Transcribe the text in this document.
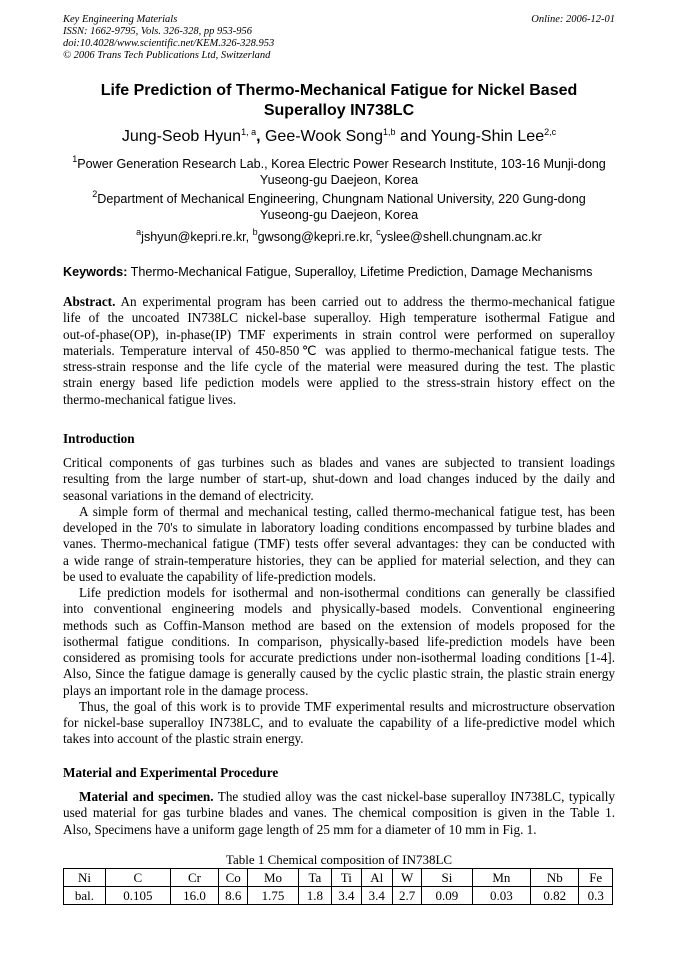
Key Engineering Materials
ISSN: 1662-9795, Vols. 326-328, pp 953-956
doi:10.4028/www.scientific.net/KEM.326-328.953
© 2006 Trans Tech Publications Ltd, Switzerland
Online: 2006-12-01
Life Prediction of Thermo-Mechanical Fatigue for Nickel Based
Superalloy IN738LC
Jung-Seob Hyun$^{1, a}$, Gee-Wook Song$^{1,b}$ and Young-Shin Lee$^{2,c}$
$^1$Power Generation Research Lab., Korea Electric Power Research Institute, 103-16 Munji-dong
Yuseong-gu Daejeon, Korea
$^2$Department of Mechanical Engineering, Chungnam National University, 220 Gung-dong
Yuseong-gu Daejeon, Korea
$^a$jshyun@kepri.re.kr, $^b$gwsong@kepri.re.kr, $^c$yslee@shell.chungnam.ac.kr
Keywords: Thermo-Mechanical Fatigue, Superalloy, Lifetime Prediction, Damage Mechanisms
Abstract. An experimental program has been carried out to address the thermo-mechanical fatigue
life of the uncoated IN738LC nickel-base superalloy. High temperature isothermal Fatigue and
out-of-phase(OP), in-phase(IP) TMF experiments in strain control were performed on superalloy
materials. Temperature interval of 450-850℃ was applied to thermo-mechanical fatigue tests. The
stress-strain response and the life cycle of the material were measured during the test. The plastic
strain energy based life pediction models were applied to the stress-strain history effect on the
thermo-mechanical fatigue lives.
Introduction
Critical components of gas turbines such as blades and vanes are subjected to transient loadings
resulting from the large number of start-up, shut-down and load changes induced by the daily and
seasonal variations in the demand of electricity.
A simple form of thermal and mechanical testing, called thermo-mechanical fatigue test, has been
developed in the 70's to simulate in laboratory loading conditions encompassed by turbine blades and
vanes. Thermo-mechanical fatigue (TMF) tests offer several advantages: they can be conducted with
a wide range of strain-temperature histories, they can be applied for material selection, and they can
be used to evaluate the capability of life-prediction models.
Life prediction models for isothermal and non-isothermal conditions can generally be classified
into conventional engineering models and physically-based models. Conventional engineering
methods such as Coffin-Manson method are based on the extension of models proposed for the
isothermal fatigue conditions. In comparison, physically-based life-prediction models have been
considered as promising tools for accurate predictions under non-isothermal loading conditions [1-4].
Also, Since the fatigue damage is generally caused by the cyclic plastic strain, the plastic strain energy
plays an important role in the damage process.
Thus, the goal of this work is to provide TMF experimental results and microstructure observation
for nickel-base superalloy IN738LC, and to evaluate the capability of a life-predictive model which
takes into account of the plastic strain energy.
Material and Experimental Procedure
Material and specimen. The studied alloy was the cast nickel-base superalloy IN738LC, typically
used material for gas turbine blades and vanes. The chemical composition is given in the Table 1.
Also, Specimens have a uniform gage length of 25 mm for a diameter of 10 mm in Fig. 1.
Table 1 Chemical composition of IN738LC
Ni	C	Cr	Co	Mo	Ta	Ti	Al	W	Si	Mn	Nb	Fe
bal.	0.105	16.0	8.6	1.75	1.8	3.4	3.4	2.7	0.09	0.03	0.82	0.3
